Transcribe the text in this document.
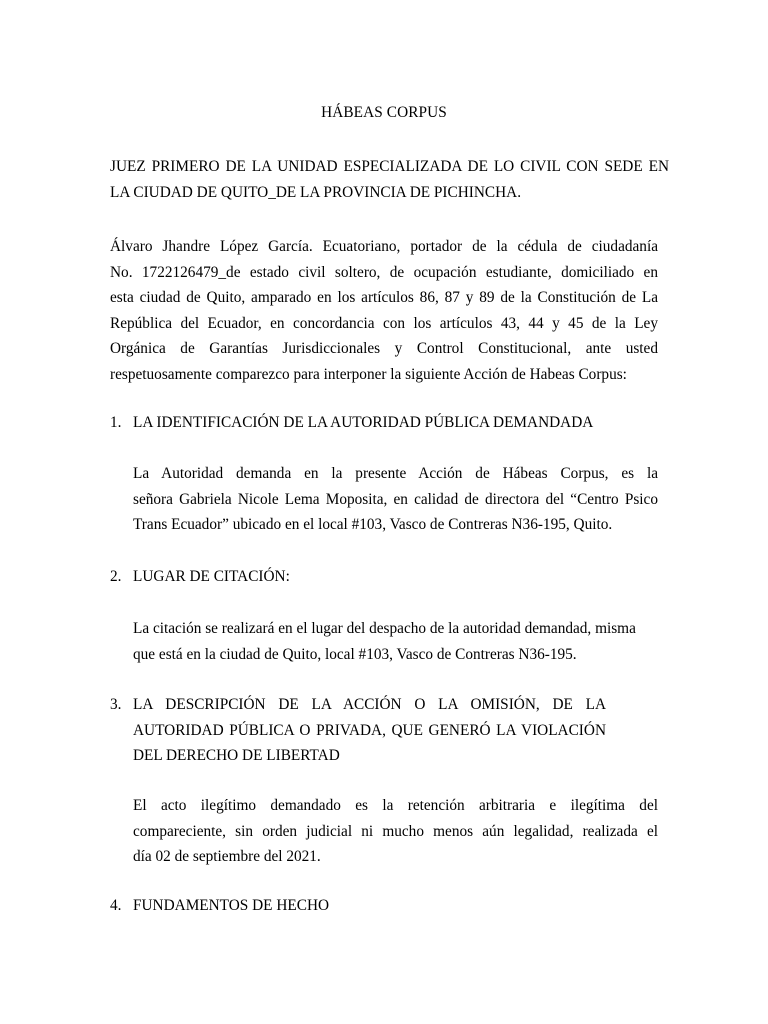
HÁBEAS CORPUS
JUEZ PRIMERO DE LA UNIDAD ESPECIALIZADA DE LO CIVIL CON SEDE EN
LA CIUDAD DE QUITO_DE LA PROVINCIA DE PICHINCHA.
Álvaro Jhandre López García. Ecuatoriano, portador de la cédula de ciudadanía
No. 1722126479_de estado civil soltero, de ocupación estudiante, domiciliado en
esta ciudad de Quito, amparado en los artículos 86, 87 y 89 de la Constitución de La
República del Ecuador, en concordancia con los artículos 43, 44 y 45 de la Ley
Orgánica de Garantías Jurisdiccionales y Control Constitucional, ante usted
respetuosamente comparezco para interponer la siguiente Acción de Habeas Corpus:
1. LA IDENTIFICACIÓN DE LA AUTORIDAD PÚBLICA DEMANDADA
La Autoridad demanda en la presente Acción de Hábeas Corpus, es la
señora Gabriela Nicole Lema Moposita, en calidad de directora del “Centro Psico
Trans Ecuador” ubicado en el local #103, Vasco de Contreras N36-195, Quito.
2. LUGAR DE CITACIÓN:
La citación se realizará en el lugar del despacho de la autoridad demandad, misma
que está en la ciudad de Quito, local #103, Vasco de Contreras N36-195.
3. LA DESCRIPCIÓN DE LA ACCIÓN O LA OMISIÓN, DE LA
AUTORIDAD PÚBLICA O PRIVADA, QUE GENERÓ LA VIOLACIÓN
DEL DERECHO DE LIBERTAD
El acto ilegítimo demandado es la retención arbitraria e ilegítima del
compareciente, sin orden judicial ni mucho menos aún legalidad, realizada el
día 02 de septiembre del 2021.
4. FUNDAMENTOS DE HECHO
